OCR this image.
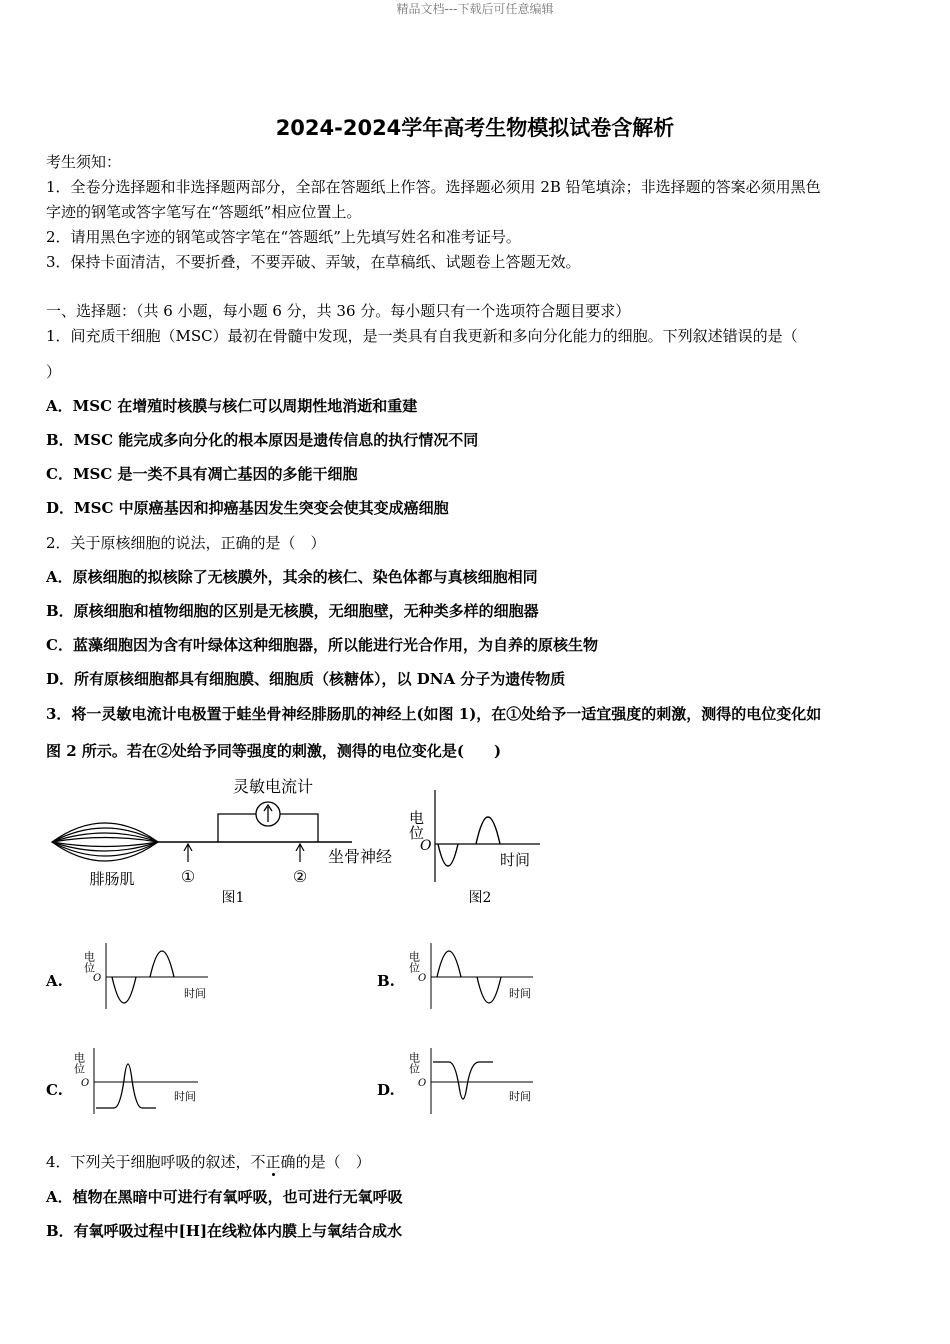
精品文档---下载后可任意编辑
2024-2024学年高考生物模拟试卷含解析
考生须知：
1．全卷分选择题和非选择题两部分，全部在答题纸上作答。选择题必须用 2B 铅笔填涂；非选择题的答案必须用黑色
字迹的钢笔或答字笔写在“答题纸”相应位置上。
2．请用黑色字迹的钢笔或答字笔在“答题纸”上先填写姓名和准考证号。
3．保持卡面清洁，不要折叠，不要弄破、弄皱，在草稿纸、试题卷上答题无效。
一、选择题：（共 6 小题，每小题 6 分，共 36 分。每小题只有一个选项符合题目要求）
1．间充质干细胞（MSC）最初在骨髓中发现，是一类具有自我更新和多向分化能力的细胞。下列叙述错误的是（
）
A．MSC 在增殖时核膜与核仁可以周期性地消逝和重建
B．MSC 能完成多向分化的根本原因是遗传信息的执行情况不同
C．MSC 是一类不具有凋亡基因的多能干细胞
D．MSC 中原癌基因和抑癌基因发生突变会使其变成癌细胞
2．关于原核细胞的说法，正确的是（　）
A．原核细胞的拟核除了无核膜外，其余的核仁、染色体都与真核细胞相同
B．原核细胞和植物细胞的区别是无核膜，无细胞壁，无种类多样的细胞器
C．蓝藻细胞因为含有叶绿体这种细胞器，所以能进行光合作用，为自养的原核生物
D．所有原核细胞都具有细胞膜、细胞质（核糖体），以 DNA 分子为遗传物质
3．将一灵敏电流计电极置于蛙坐骨神经腓肠肌的神经上(如图 1)，在①处给予一适宜强度的刺激，测得的电位变化如
图 2 所示。若在②处给予同等强度的刺激，测得的电位变化是(　　)
灵敏电流计
①	②
腓肠肌
坐骨神经
图1
电位
O
时间
图2
A.
电位
O
时间
B.
电位
O
时间
C.
电位
O
时间	D.
电位
O
时间
4．下列关于细胞呼吸的叙述，不正确的是（　）
A．植物在黑暗中可进行有氧呼吸，也可进行无氧呼吸
B．有氧呼吸过程中[H]在线粒体内膜上与氧结合成水
